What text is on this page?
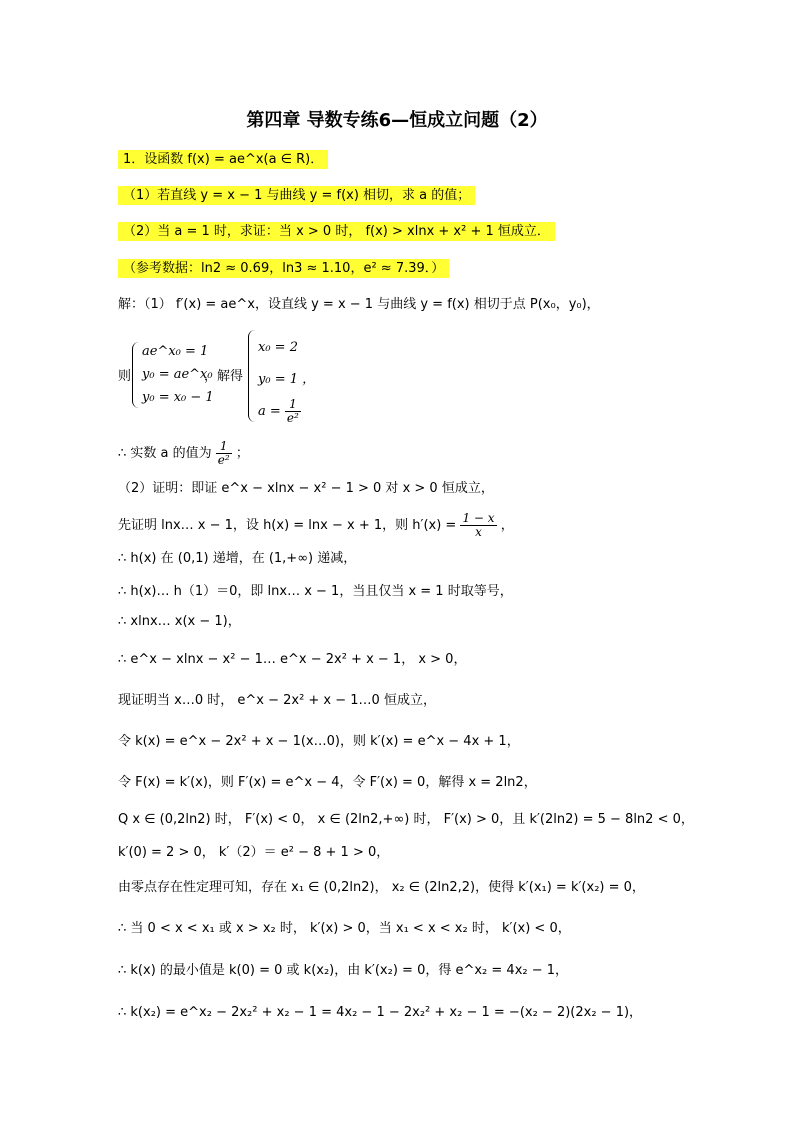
第四章 导数专练6—恒成立问题（2）
1．设函数 f(x) = ae^x(a ∈ R)．
（1）若直线 y = x − 1 与曲线 y = f(x) 相切，求 a 的值；
（2）当 a = 1 时，求证：当 x > 0 时， f(x) > xlnx + x² + 1 恒成立．
（参考数据：ln2 ≈ 0.69，ln3 ≈ 1.10，e² ≈ 7.39．）
解：（1） f′(x) = ae^x，设直线 y = x − 1 与曲线 y = f(x) 相切于点 P(x₀，y₀)，
则
ae^x₀ = 1
y₀ = ae^x₀
y₀ = x₀ − 1
，解得
x₀ = 2
y₀ = 1 ，
$a = \frac{1}{\text{e²}}$
∴ 实数 a 的值为 $\frac{1}{\text{e²}}$ ；
（2）证明：即证 e^x − xlnx − x² − 1 > 0 对 x > 0 恒成立，
先证明 lnx… x − 1，设 h(x) = lnx − x + 1，则 $h'(x) = \frac{1 - x}{x}$ ，
∴ h(x) 在 (0,1) 递增，在 (1,+∞) 递减，
∴ h(x)… h（1）＝0，即 lnx… x − 1，当且仅当 x = 1 时取等号，
∴ xlnx… x(x − 1)，
∴ e^x − xlnx − x² − 1… e^x − 2x² + x − 1， x > 0，
现证明当 x…0 时， e^x − 2x² + x − 1…0 恒成立，
令 k(x) = e^x − 2x² + x − 1(x…0)，则 k′(x) = e^x − 4x + 1，
令 F(x) = k′(x)，则 F′(x) = e^x − 4，令 F′(x) = 0，解得 x = 2ln2，
Q x ∈ (0,2ln2) 时， F′(x) < 0， x ∈ (2ln2,+∞) 时， F′(x) > 0，且 k′(2ln2) = 5 − 8ln2 < 0，
k′(0) = 2 > 0， k′（2）＝ e² − 8 + 1 > 0，
由零点存在性定理可知，存在 x₁ ∈ (0,2ln2)， x₂ ∈ (2ln2,2)，使得 k′(x₁) = k′(x₂) = 0，
∴ 当 0 < x < x₁ 或 x > x₂ 时， k′(x) > 0，当 x₁ < x < x₂ 时， k′(x) < 0，
∴ k(x) 的最小值是 k(0) = 0 或 k(x₂)，由 k′(x₂) = 0，得 e^x₂ = 4x₂ − 1，
∴ k(x₂) = e^x₂ − 2x₂² + x₂ − 1 = 4x₂ − 1 − 2x₂² + x₂ − 1 = −(x₂ − 2)(2x₂ − 1)，
